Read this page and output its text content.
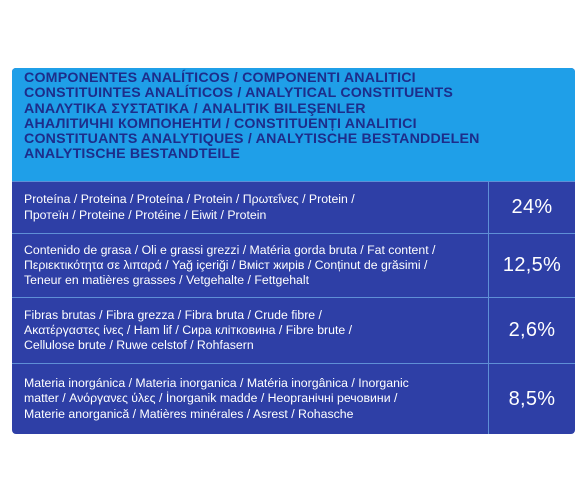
COMPONENTES ANALÍTICOS / COMPONENTI ANALITICI
CONSTITUINTES ANALÍTICOS / ANALYTICAL CONSTITUENTS
ΑΝΑΛΥΤΙΚΑ ΣΥΣΤΑΤΙΚΑ / ANALITIK BILEŞENLER
АНАЛІТИЧНІ КОМПОНЕНТИ / CONSTITUENȚI ANALITICI
CONSTITUANTS ANALYTIQUES / ANALYTISCHE BESTANDDELEN
ANALYTISCHE BESTANDTEILE
Proteína / Proteina / Proteína / Protein / Πρωτεΐνες / Protein /
Протеїн / Proteine / Protéine / Eiwit / Protein	24%
Contenido de grasa / Oli e grassi grezzi / Matéria gorda bruta / Fat content /
Περιεκτικότητα σε λιπαρά / Yağ içeriği / Вміст жирів / Conținut de grăsimi /
Teneur en matières grasses / Vetgehalte / Fettgehalt
12,5%
Fibras brutas / Fibra grezza / Fibra bruta / Crude fibre /
Ακατέργαστες ίνες / Ham lif / Сира клітковина / Fibre brute /
Cellulose brute / Ruwe celstof / Rohfasern
2,6%
Materia inorgánica / Materia inorganica / Matéria inorgânica / Inorganic
matter / Ανόργανες ύλες / İnorganik madde / Неорганічні речовини /
Materie anorganică / Matières minérales / Asrest / Rohasche
8,5%
